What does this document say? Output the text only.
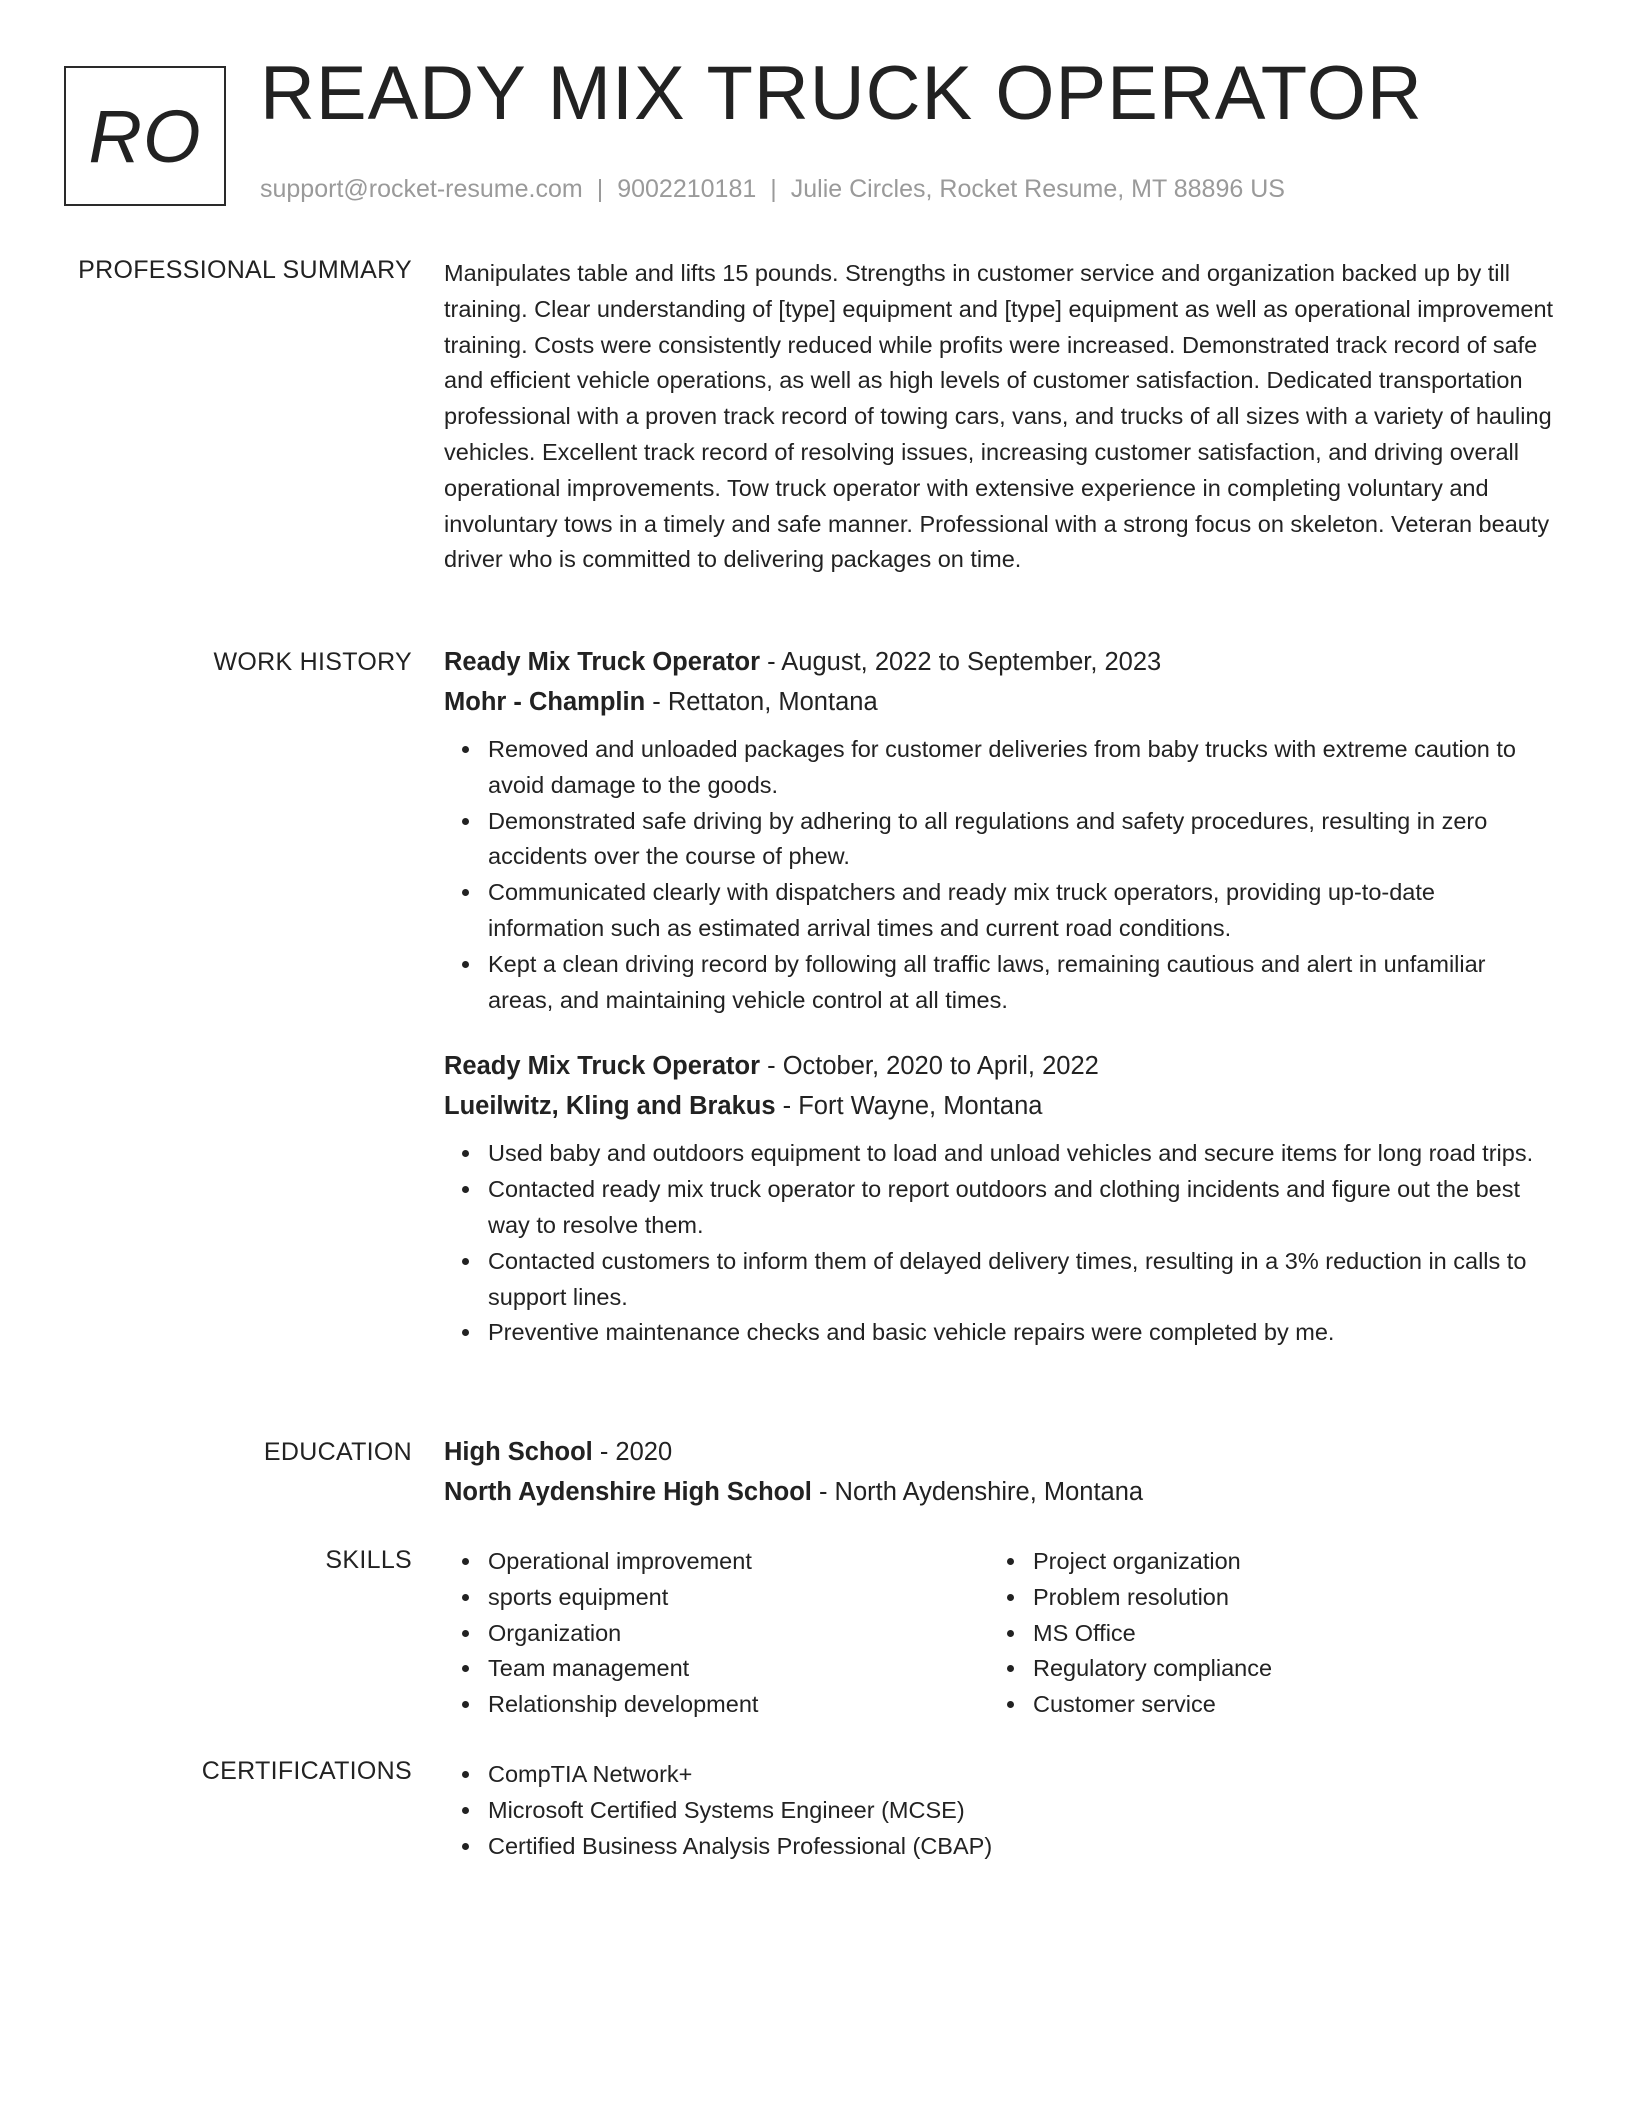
RO READY MIX TRUCK OPERATOR
support@rocket-resume.com | 9002210181 | Julie Circles, Rocket Resume, MT 88896 US
PROFESSIONAL SUMMARY Manipulates table and lifts 15 pounds. Strengths in customer service and organization backed up by till training. Clear understanding of [type] equipment and [type] equipment as well as operational improvement training. Costs were consistently reduced while profits were increased. Demonstrated track record of safe and efficient vehicle operations, as well as high levels of customer satisfaction. Dedicated transportation professional with a proven track record of towing cars, vans, and trucks of all sizes with a variety of hauling vehicles. Excellent track record of resolving issues, increasing customer satisfaction, and driving overall operational improvements. Tow truck operator with extensive experience in completing voluntary and involuntary tows in a timely and safe manner. Professional with a strong focus on skeleton. Veteran beauty driver who is committed to delivering packages on time.

WORK HISTORY Ready Mix Truck Operator - August, 2022 to September, 2023
Mohr - Champlin - Rettaton, Montana
Removed and unloaded packages for customer deliveries from baby trucks with extreme caution to avoid damage to the goods.
Demonstrated safe driving by adhering to all regulations and safety procedures, resulting in zero accidents over the course of phew.
Communicated clearly with dispatchers and ready mix truck operators, providing up-to-date information such as estimated arrival times and current road conditions.
Kept a clean driving record by following all traffic laws, remaining cautious and alert in unfamiliar areas, and maintaining vehicle control at all times.
Ready Mix Truck Operator - October, 2020 to April, 2022
Lueilwitz, Kling and Brakus - Fort Wayne, Montana
Used baby and outdoors equipment to load and unload vehicles and secure items for long road trips.
Contacted ready mix truck operator to report outdoors and clothing incidents and figure out the best way to resolve them.
Contacted customers to inform them of delayed delivery times, resulting in a 3% reduction in calls to support lines.
Preventive maintenance checks and basic vehicle repairs were completed by me.
EDUCATION High School - 2020
North Aydenshire High School - North Aydenshire, Montana
SKILLS	Operational improvement
sports equipment
Organization
Team management
Relationship development
Project organization
Problem resolution
MS Office
Regulatory compliance
Customer service
CERTIFICATIONS	CompTIA Network+
Microsoft Certified Systems Engineer (MCSE)
Certified Business Analysis Professional (CBAP)
